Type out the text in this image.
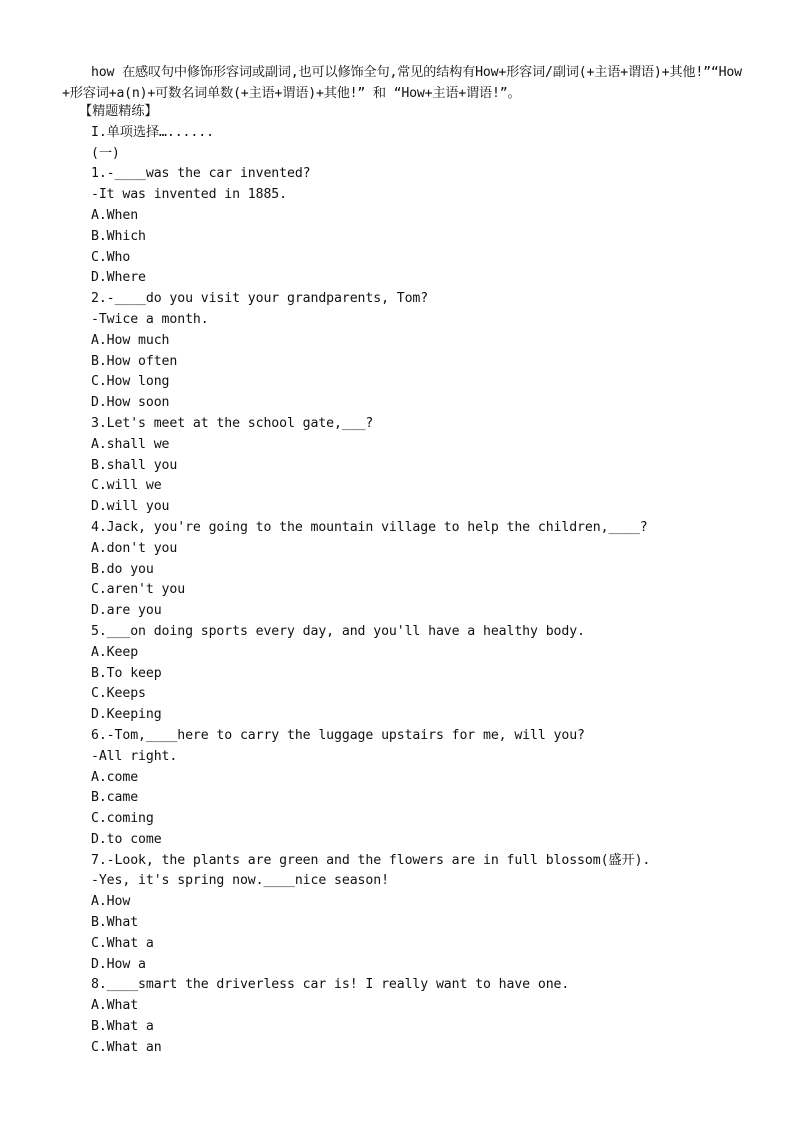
how 在感叹句中修饰形容词或副词,也可以修饰全句,常见的结构有How+形容词/副词(+主语+谓语)+其他!”“How +形容词+a(n)+可数名词单数(+主语+谓语)+其他!” 和 “How+主语+谓语!”。
【精题精练】
I.单项选择…......
(一)
1.-____was the car invented?
-It was invented in 1885.
A.When
B.Which
C.Who
D.Where
2.-____do you visit your grandparents, Tom?
-Twice a month.
A.How much
B.How often
C.How long
D.How soon
3.Let's meet at the school gate,___?
A.shall we
B.shall you
C.will we
D.will you
4.Jack, you're going to the mountain village to help the children,____?
A.don't you
B.do you
C.aren't you
D.are you
5.___on doing sports every day, and you'll have a healthy body.
A.Keep
B.To keep
C.Keeps
D.Keeping
6.-Tom,____here to carry the luggage upstairs for me, will you?
-All right.
A.come
B.came
C.coming
D.to come
7.-Look, the plants are green and the flowers are in full blossom(盛开).
-Yes, it's spring now.____nice season!
A.How
B.What
C.What a
D.How a
8.____smart the driverless car is! I really want to have one.
A.What
B.What a
C.What an
